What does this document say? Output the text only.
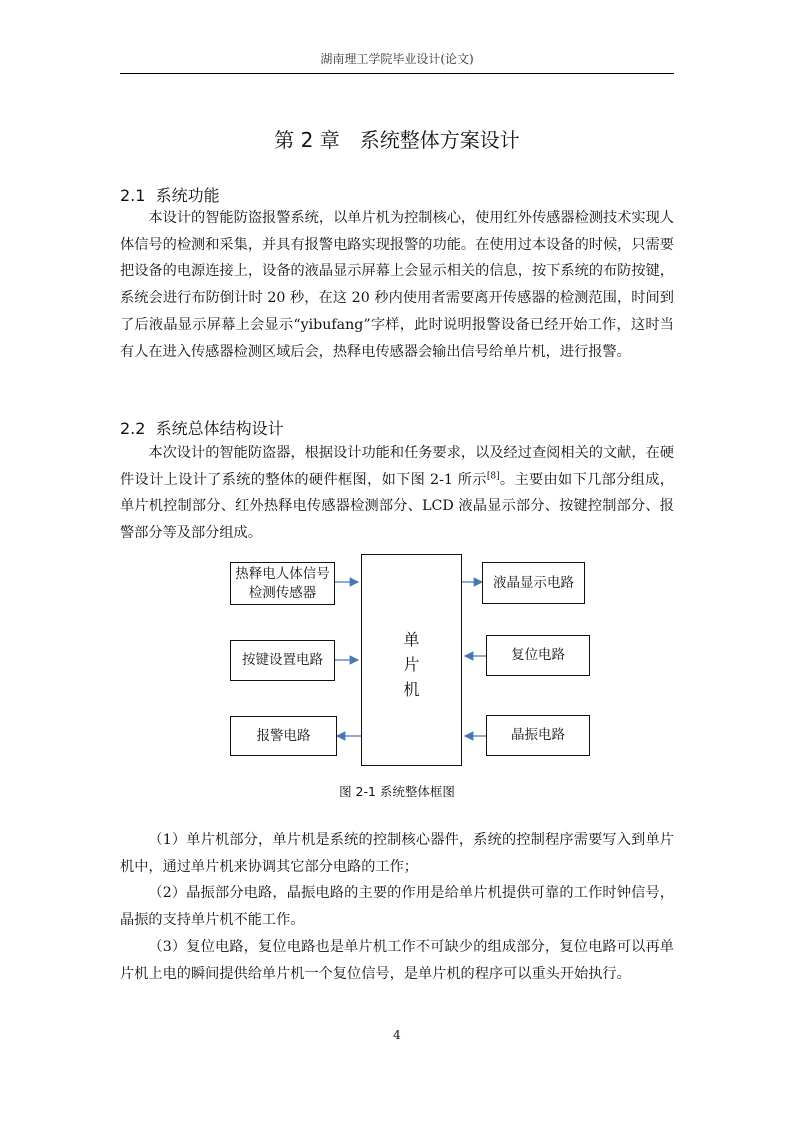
湖南理工学院毕业设计(论文)
第 2 章　系统整体方案设计
2.1  系统功能

本设计的智能防盗报警系统，以单片机为控制核心，使用红外传感器检测技术实现人体信号的检测和采集，并具有报警电路实现报警的功能。在使用过本设备的时候，只需要把设备的电源连接上，设备的液晶显示屏幕上会显示相关的信息，按下系统的布防按键，系统会进行布防倒计时 20 秒，在这 20 秒内使用者需要离开传感器的检测范围，时间到了后液晶显示屏幕上会显示“yibufang”字样，此时说明报警设备已经开始工作，这时当有人在进入传感器检测区域后会，热释电传感器会输出信号给单片机，进行报警。

2.2  系统总体结构设计

本次设计的智能防盗器，根据设计功能和任务要求，以及经过查阅相关的文献，在硬件设计上设计了系统的整体的硬件框图，如下图 2-1 所示[8]。主要由如下几部分组成，单片机控制部分、红外热释电传感器检测部分、LCD 液晶显示部分、按键控制部分、报警部分等及部分组成。

热释电人体信号检测传感器
按键设置电路
报警电路
单
片
机
液晶显示电路
复位电路
晶振电路
图 2-1 系统整体框图

（1）单片机部分，单片机是系统的控制核心器件，系统的控制程序需要写入到单片机中，通过单片机来协调其它部分电路的工作；

（2）晶振部分电路，晶振电路的主要的作用是给单片机提供可靠的工作时钟信号，晶振的支持单片机不能工作。

（3）复位电路，复位电路也是单片机工作不可缺少的组成部分，复位电路可以再单片机上电的瞬间提供给单片机一个复位信号，是单片机的程序可以重头开始执行。

4
